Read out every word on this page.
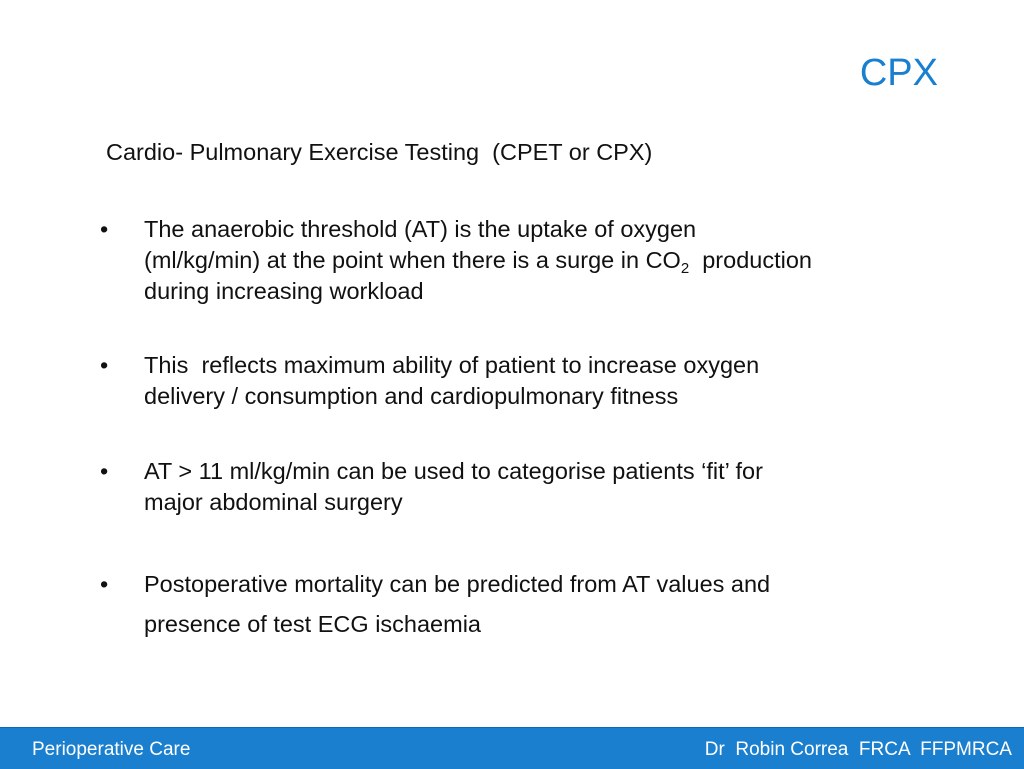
CPX
Cardio- Pulmonary Exercise Testing  (CPET or CPX)
• The anaerobic threshold (AT) is the uptake of oxygen
(ml/kg/min) at the point when there is a surge in $CO_2$  production
during increasing workload
• This  reflects maximum ability of patient to increase oxygen
delivery / consumption and cardiopulmonary fitness
• AT > 11 ml/kg/min can be used to categorise patients ‘fit’ for
major abdominal surgery
• Postoperative mortality can be predicted from AT values and
presence of test ECG ischaemia
Perioperative Care	Dr  Robin Correa  FRCA  FFPMRCA
